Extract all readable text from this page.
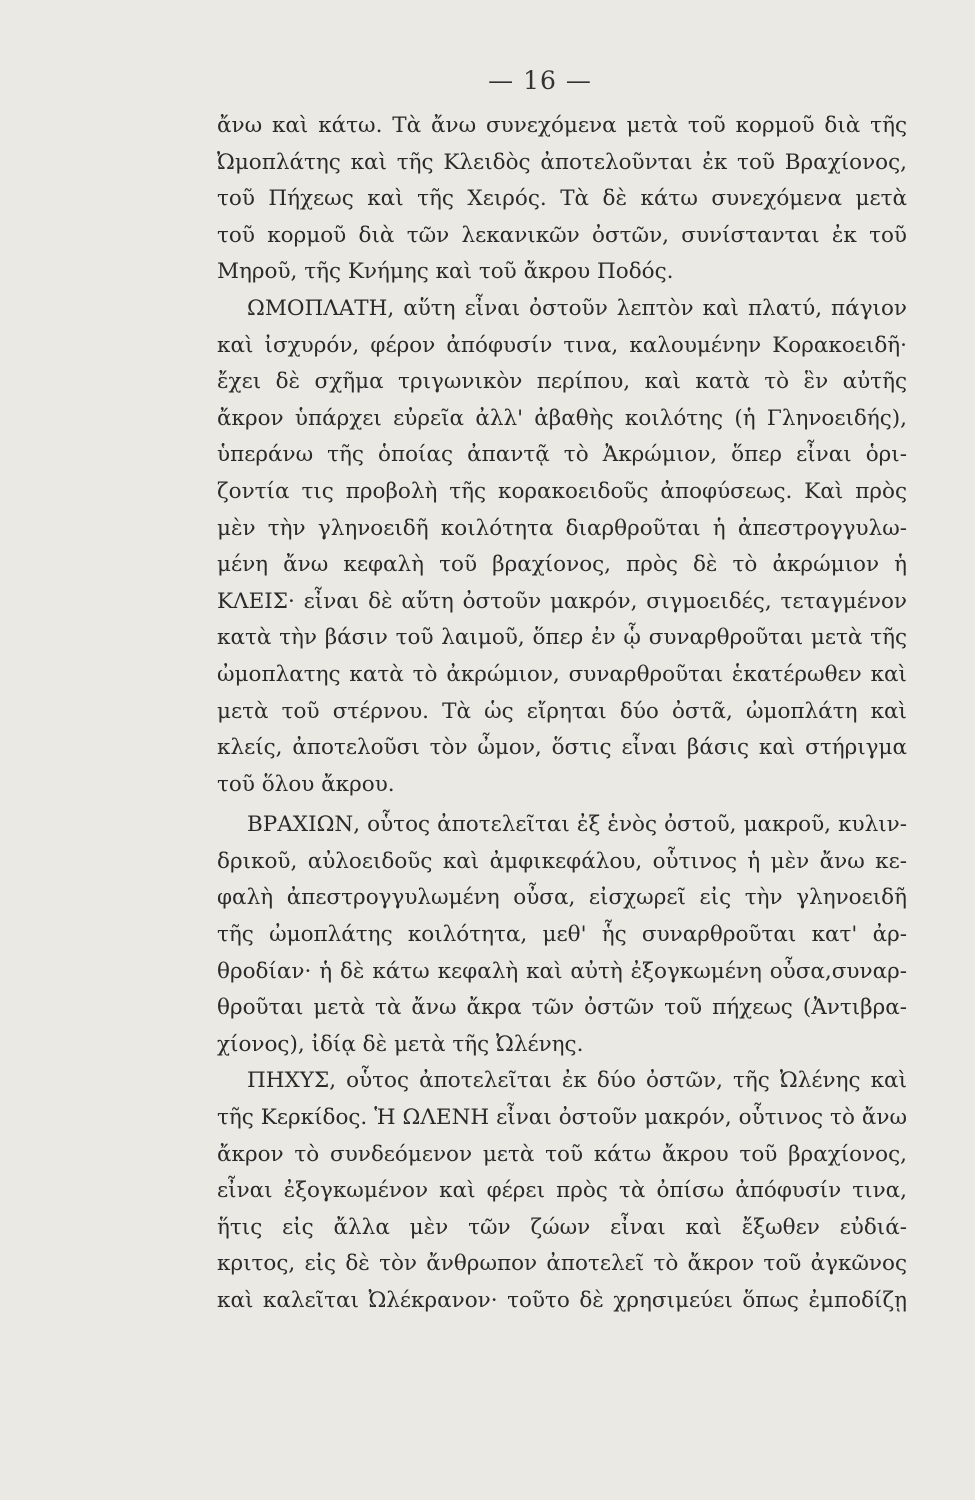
— 16 —
ἄνω καὶ κάτω. Τὰ ἄνω συνεχόμενα μετὰ τοῦ κορμοῦ διὰ τῆς
Ὠμοπλάτης καὶ τῆς Κλειδὸς ἀποτελοῦνται ἐκ τοῦ Βραχίονος,
τοῦ Πήχεως καὶ τῆς Χειρός. Τὰ δὲ κάτω συνεχόμενα μετὰ
τοῦ κορμοῦ διὰ τῶν λεκανικῶν ὀστῶν, συνίστανται ἐκ τοῦ
Μηροῦ, τῆς Κνήμης καὶ τοῦ ἄκρου Ποδός.
ΩΜΟΠΛΑΤΗ, αὕτη εἶναι ὀστοῦν λεπτὸν καὶ πλατύ, πάγιον
καὶ ἰσχυρόν, φέρον ἀπόφυσίν τινα, καλουμένην Κορακοειδῆ·
ἔχει δὲ σχῆμα τριγωνικὸν περίπου, καὶ κατὰ τὸ ἓν αὐτῆς
ἄκρον ὑπάρχει εὐρεῖα ἀλλ' ἀβαθὴς κοιλότης (ἡ Γληνοειδής),
ὑπεράνω τῆς ὁποίας ἀπαντᾷ τὸ Ἀκρώμιον, ὅπερ εἶναι ὁρι-
ζοντία τις προβολὴ τῆς κορακοειδοῦς ἀποφύσεως. Καὶ πρὸς
μὲν τὴν γληνοειδῆ κοιλότητα διαρθροῦται ἡ ἀπεστρογγυλω-
μένη ἄνω κεφαλὴ τοῦ βραχίονος, πρὸς δὲ τὸ ἀκρώμιον ἡ
ΚΛΕΙΣ· εἶναι δὲ αὕτη ὀστοῦν μακρόν, σιγμοειδές, τεταγμένον
κατὰ τὴν βάσιν τοῦ λαιμοῦ, ὅπερ ἐν ᾧ συναρθροῦται μετὰ τῆς
ὠμοπλατης κατὰ τὸ ἀκρώμιον, συναρθροῦται ἑκατέρωθεν καὶ
μετὰ τοῦ στέρνου. Τὰ ὡς εἴρηται δύο ὀστᾶ, ὠμοπλάτη καὶ
κλείς, ἀποτελοῦσι τὸν ὦμον, ὅστις εἶναι βάσις καὶ στήριγμα
τοῦ ὅλου ἄκρου.
ΒΡΑΧΙΩΝ, οὗτος ἀποτελεῖται ἐξ ἑνὸς ὀστοῦ, μακροῦ, κυλιν-
δρικοῦ, αὐλοειδοῦς καὶ ἀμφικεφάλου, οὗτινος ἡ μὲν ἄνω κε-
φαλὴ ἀπεστρογγυλωμένη οὖσα, εἰσχωρεῖ εἰς τὴν γληνοειδῆ
τῆς ὠμοπλάτης κοιλότητα, μεθ' ἧς συναρθροῦται κατ' ἀρ-
θροδίαν· ἡ δὲ κάτω κεφαλὴ καὶ αὐτὴ ἐξογκωμένη οὖσα,συναρ-
θροῦται μετὰ τὰ ἄνω ἄκρα τῶν ὀστῶν τοῦ πήχεως (Ἀντιβρα-
χίονος), ἰδίᾳ δὲ μετὰ τῆς Ὠλένης.
ΠΗΧΥΣ, οὗτος ἀποτελεῖται ἐκ δύο ὀστῶν, τῆς Ὠλένης καὶ
τῆς Κερκίδος. Ἡ ΩΛΕΝΗ εἶναι ὀστοῦν μακρόν, οὗτινος τὸ ἄνω
ἄκρον τὸ συνδεόμενον μετὰ τοῦ κάτω ἄκρου τοῦ βραχίονος,
εἶναι ἐξογκωμένον καὶ φέρει πρὸς τὰ ὀπίσω ἀπόφυσίν τινα,
ἥτις εἰς ἄλλα μὲν τῶν ζώων εἶναι καὶ ἔξωθεν εὐδιά-
κριτος, εἰς δὲ τὸν ἄνθρωπον ἀποτελεῖ τὸ ἄκρον τοῦ ἀγκῶνος
καὶ καλεῖται Ὠλέκρανον· τοῦτο δὲ χρησιμεύει ὅπως ἐμποδίζῃ
